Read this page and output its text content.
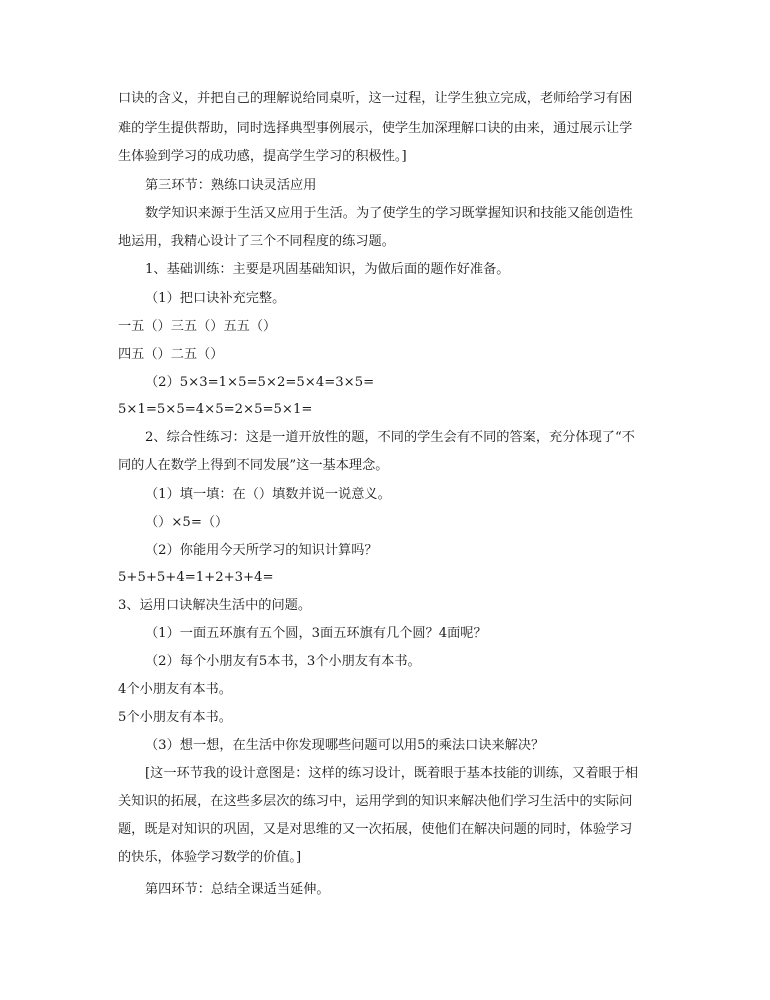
口诀的含义，并把自己的理解说给同桌听，这一过程，让学生独立完成，老师给学习有困
难的学生提供帮助，同时选择典型事例展示，使学生加深理解口诀的由来，通过展示让学
生体验到学习的成功感，提高学生学习的积极性。]
第三环节：熟练口诀灵活应用
数学知识来源于生活又应用于生活。为了使学生的学习既掌握知识和技能又能创造性
地运用，我精心设计了三个不同程度的练习题。
1、基础训练：主要是巩固基础知识，为做后面的题作好准备。
（1）把口诀补充完整。
一五（）三五（）五五（）
四五（）二五（）
（2）5×3=1×5=5×2=5×4=3×5=
5×1=5×5=4×5=2×5=5×1=
2、综合性练习：这是一道开放性的题，不同的学生会有不同的答案，充分体现了“不
同的人在数学上得到不同发展”这一基本理念。
（1）填一填：在（）填数并说一说意义。
（）×5=（）
（2）你能用今天所学习的知识计算吗？
5+5+5+4=1+2+3+4=
3、运用口诀解决生活中的问题。
（1）一面五环旗有五个圆，3面五环旗有几个圆？4面呢？
（2）每个小朋友有5本书，3个小朋友有本书。
4个小朋友有本书。
5个小朋友有本书。
（3）想一想，在生活中你发现哪些问题可以用5的乘法口诀来解决？
[这一环节我的设计意图是：这样的练习设计，既着眼于基本技能的训练，又着眼于相
关知识的拓展，在这些多层次的练习中，运用学到的知识来解决他们学习生活中的实际问
题，既是对知识的巩固，又是对思维的又一次拓展，使他们在解决问题的同时，体验学习
的快乐，体验学习数学的价值。]
第四环节：总结全课适当延伸。
